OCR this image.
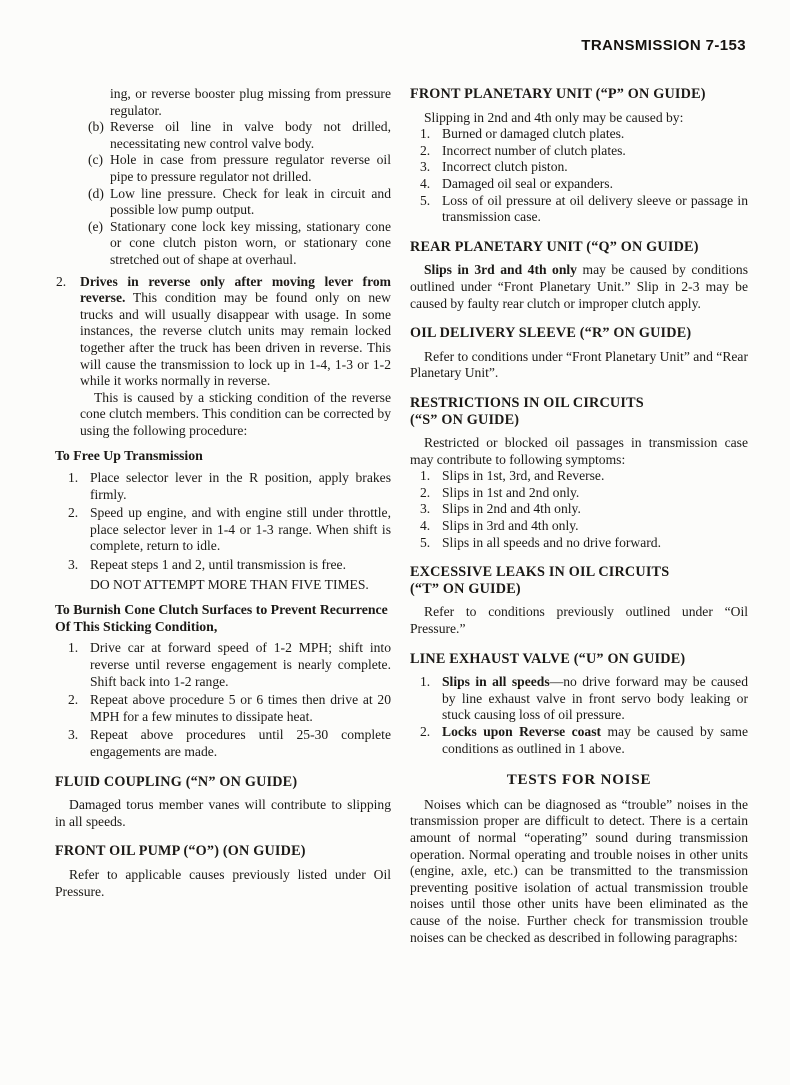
TRANSMISSION 7-153
ing, or reverse booster plug missing from pressure regulator.
(b) Reverse oil line in valve body not drilled, necessitating new control valve body.
(c) Hole in case from pressure regulator reverse oil pipe to pressure regulator not drilled.
(d) Low line pressure. Check for leak in circuit and possible low pump output.
(e) Stationary cone lock key missing, stationary cone or cone clutch piston worn, or stationary cone stretched out of shape at overhaul.
2.	Drives in reverse only after moving lever from reverse. This condition may be found only on new trucks and will usually disappear with usage. In some instances, the reverse clutch units may remain locked together after the truck has been driven in reverse. This will cause the transmission to lock up in 1-4, 1-3 or 1-2 while it works normally in reverse.
This is caused by a sticking condition of the reverse cone clutch members. This condition can be corrected by using the following procedure:
To Free Up Transmission
1. Place selector lever in the R position, apply brakes firmly.
2. Speed up engine, and with engine still under throttle, place selector lever in 1-4 or 1-3 range. When shift is complete, return to idle.
3. Repeat steps 1 and 2, until transmission is free.
DO NOT ATTEMPT MORE THAN FIVE TIMES.
To Burnish Cone Clutch Surfaces to Prevent Recurrence Of This Sticking Condition,
1. Drive car at forward speed of 1-2 MPH; shift into reverse until reverse engagement is nearly complete. Shift back into 1-2 range.
2. Repeat above procedure 5 or 6 times then drive at 20 MPH for a few minutes to dissipate heat.
3. Repeat above procedures until 25-30 complete engagements are made.
FLUID COUPLING (“N” ON GUIDE)
Damaged torus member vanes will contribute to slipping in all speeds.
FRONT OIL PUMP (“O”) (ON GUIDE)
Refer to applicable causes previously listed under Oil Pressure.
FRONT PLANETARY UNIT (“P” ON GUIDE)
Slipping in 2nd and 4th only may be caused by:
1. Burned or damaged clutch plates.
2. Incorrect number of clutch plates.
3. Incorrect clutch piston.
4. Damaged oil seal or expanders.
5. Loss of oil pressure at oil delivery sleeve or passage in transmission case.
REAR PLANETARY UNIT (“Q” ON GUIDE)
Slips in 3rd and 4th only may be caused by conditions outlined under “Front Planetary Unit.” Slip in 2-3 may be caused by faulty rear clutch or improper clutch apply.
OIL DELIVERY SLEEVE (“R” ON GUIDE)
Refer to conditions under “Front Planetary Unit” and “Rear Planetary Unit”.
RESTRICTIONS IN OIL CIRCUITS
(“S” ON GUIDE)
Restricted or blocked oil passages in transmission case may contribute to following symptoms:
1. Slips in 1st, 3rd, and Reverse.
2. Slips in 1st and 2nd only.
3. Slips in 2nd and 4th only.
4. Slips in 3rd and 4th only.
5. Slips in all speeds and no drive forward.
EXCESSIVE LEAKS IN OIL CIRCUITS
(“T” ON GUIDE)
Refer to conditions previously outlined under “Oil Pressure.”
LINE EXHAUST VALVE (“U” ON GUIDE)
1. Slips in all speeds—no drive forward may be caused by line exhaust valve in front servo body leaking or stuck causing loss of oil pressure.
2. Locks upon Reverse coast may be caused by same conditions as outlined in 1 above.
TESTS FOR NOISE
Noises which can be diagnosed as “trouble” noises in the transmission proper are difficult to detect. There is a certain amount of normal “operating” sound during transmission operation. Normal operating and trouble noises in other units (engine, axle, etc.) can be transmitted to the transmission preventing positive isolation of actual transmission trouble noises until those other units have been eliminated as the cause of the noise. Further check for transmission trouble noises can be checked as described in following paragraphs:
